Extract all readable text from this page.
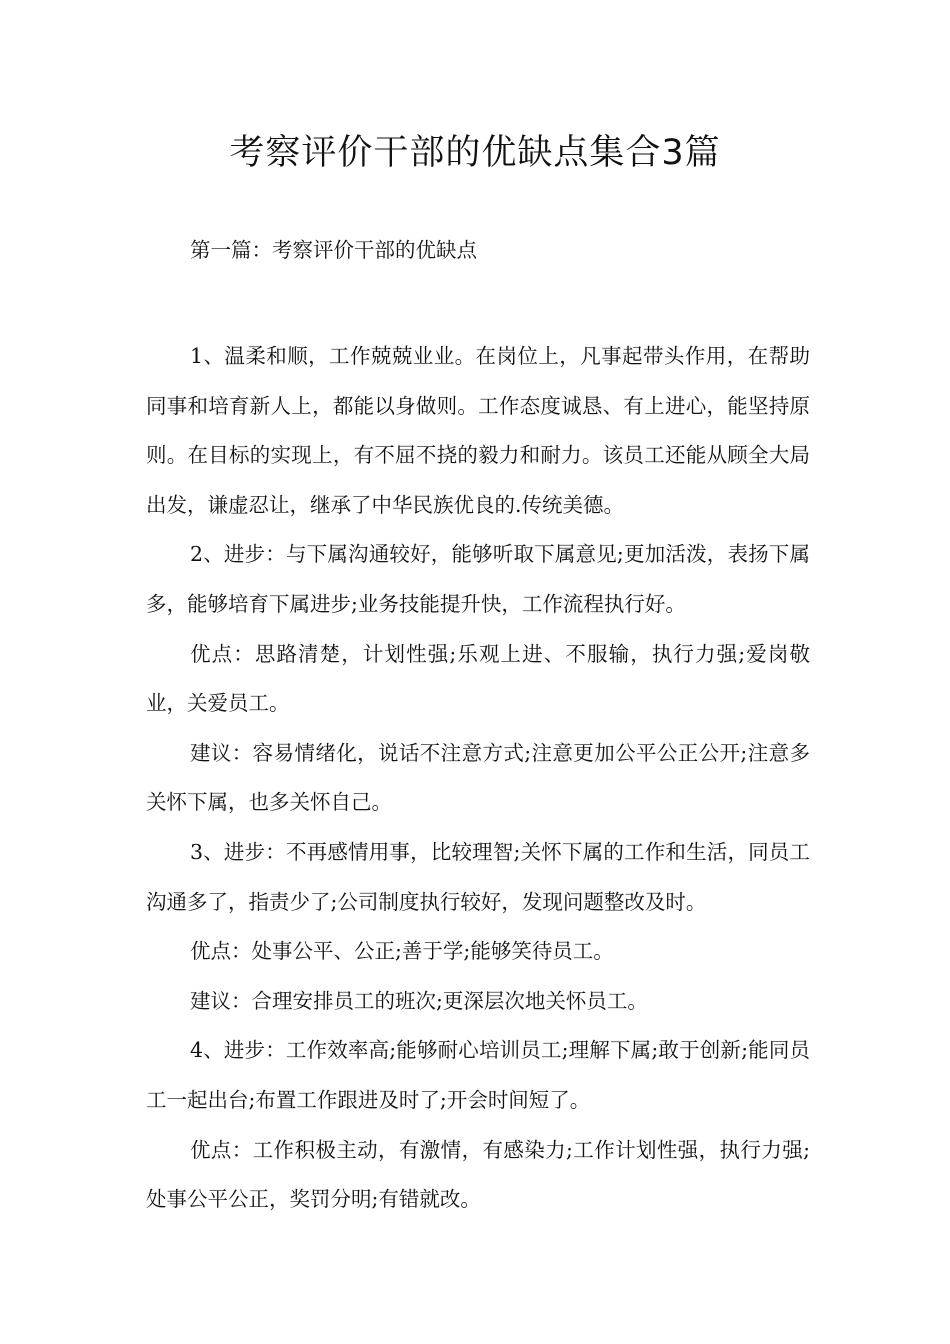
考察评价干部的优缺点集合3篇
第一篇：考察评价干部的优缺点

1、温柔和顺，工作兢兢业业。在岗位上，凡事起带头作用，在帮助同事和培育新人上，都能以身做则。工作态度诚恳、有上进心，能坚持原则。在目标的实现上，有不屈不挠的毅力和耐力。该员工还能从顾全大局出发，谦虚忍让，继承了中华民族优良的.传统美德。

2、进步：与下属沟通较好，能够听取下属意见;更加活泼，表扬下属多，能够培育下属进步;业务技能提升快，工作流程执行好。

优点：思路清楚，计划性强;乐观上进、不服输，执行力强;爱岗敬业，关爱员工。

建议：容易情绪化，说话不注意方式;注意更加公平公正公开;注意多关怀下属，也多关怀自己。

3、进步：不再感情用事，比较理智;关怀下属的工作和生活，同员工沟通多了，指责少了;公司制度执行较好，发现问题整改及时。

优点：处事公平、公正;善于学;能够笑待员工。

建议：合理安排员工的班次;更深层次地关怀员工。

4、进步：工作效率高;能够耐心培训员工;理解下属;敢于创新;能同员工一起出台;布置工作跟进及时了;开会时间短了。

优点：工作积极主动，有激情，有感染力;工作计划性强，执行力强;处事公平公正，奖罚分明;有错就改。
